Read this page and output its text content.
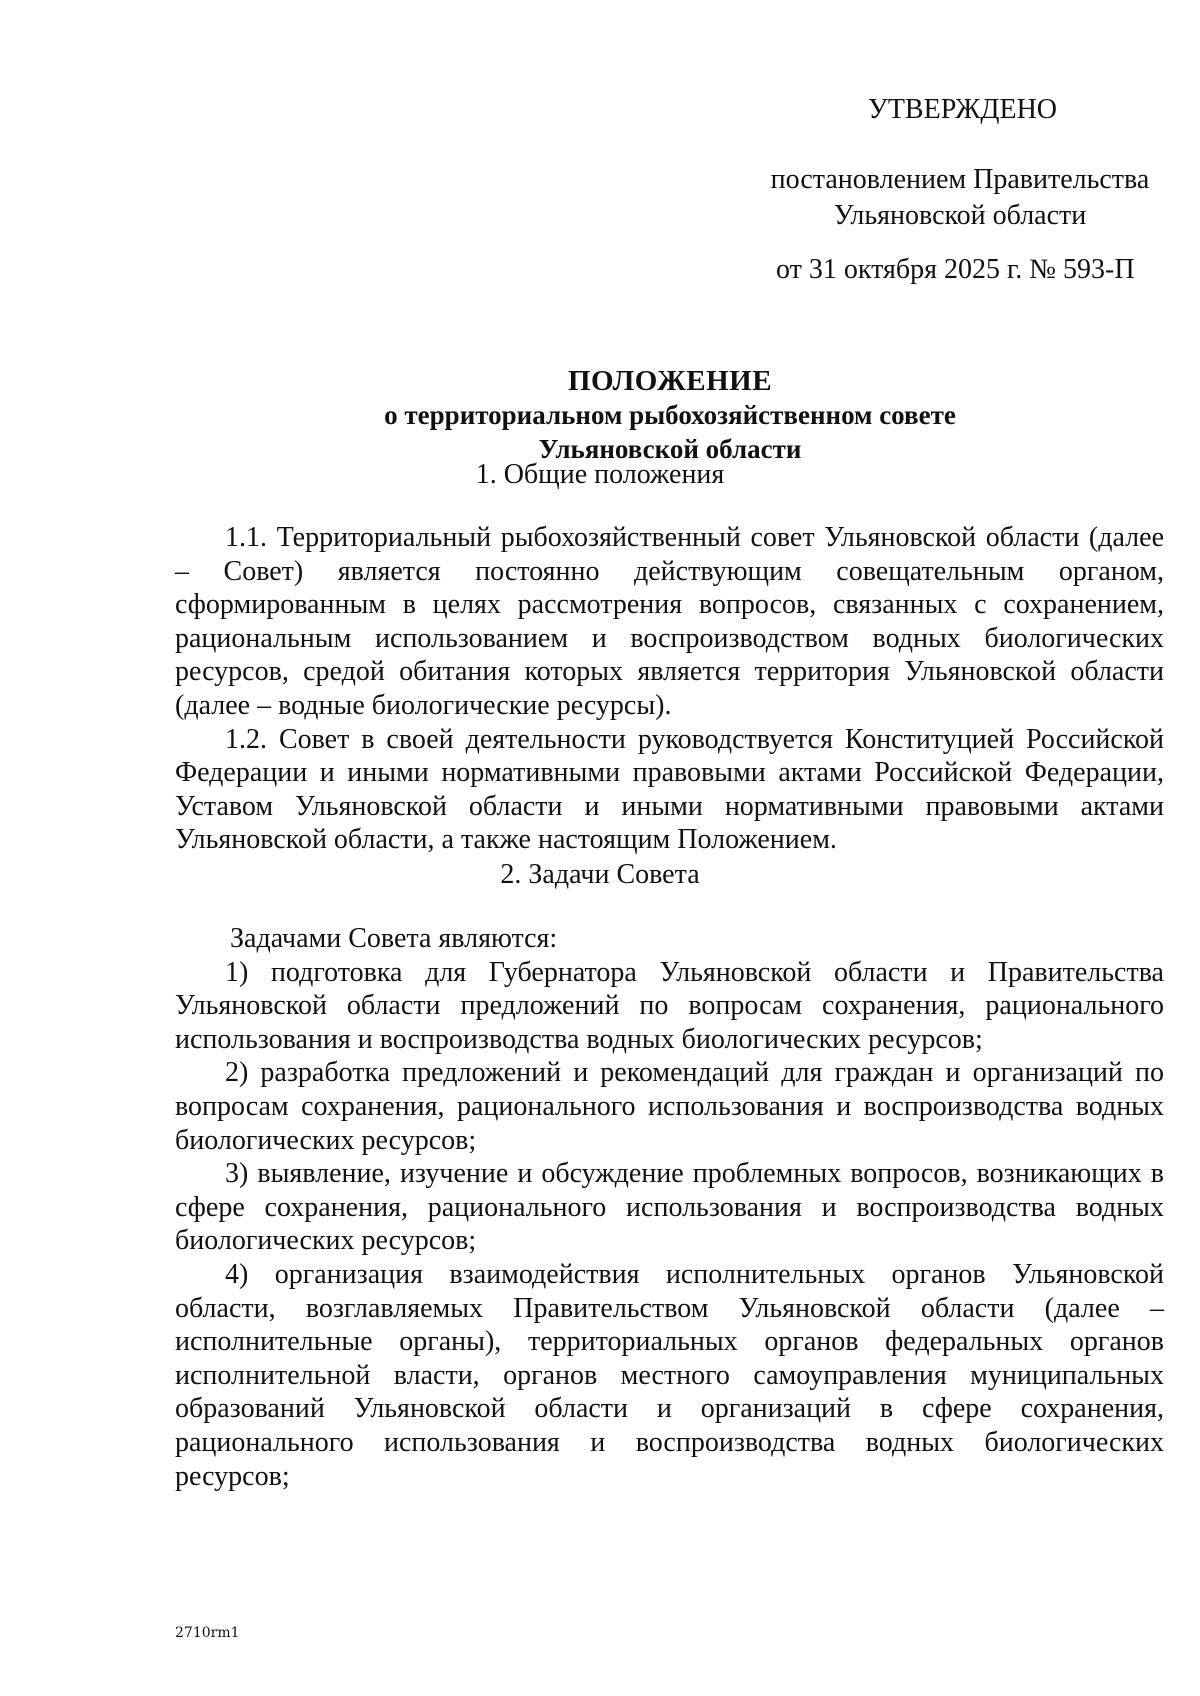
УТВЕРЖДЕНО
постановлением Правительства
Ульяновской области
от 31 октября 2025 г. № 593-П
ПОЛОЖЕНИЕ
о территориальном рыбохозяйственном совете
Ульяновской области
1. Общие положения

1.1. Территориальный рыбохозяйственный совет Ульяновской области (далее – Совет) является постоянно действующим совещательным органом, сформированным в целях рассмотрения вопросов, связанных с сохранением, рациональным использованием и воспроизводством водных биологических ресурсов, средой обитания которых является территория Ульяновской области (далее – водные биологические ресурсы).

1.2. Совет в своей деятельности руководствуется Конституцией Российской Федерации и иными нормативными правовыми актами Российской Федерации, Уставом Ульяновской области и иными нормативными правовыми актами Ульяновской области, а также настоящим Положением.

2. Задачи Совета

Задачами Совета являются:

1) подготовка для Губернатора Ульяновской области и Правительства Ульяновской области предложений по вопросам сохранения, рационального использования и воспроизводства водных биологических ресурсов;

2) разработка предложений и рекомендаций для граждан и организаций по вопросам сохранения, рационального использования и воспроизводства водных биологических ресурсов;

3) выявление, изучение и обсуждение проблемных вопросов, возникающих в сфере сохранения, рационального использования и воспроизводства водных биологических ресурсов;

4) организация взаимодействия исполнительных органов Ульяновской области, возглавляемых Правительством Ульяновской области (далее – исполнительные органы), территориальных органов федеральных органов исполнительной власти, органов местного самоуправления муниципальных образований Ульяновской области и организаций в сфере сохранения, рационального использования и воспроизводства водных биологических ресурсов;

2710rm1
